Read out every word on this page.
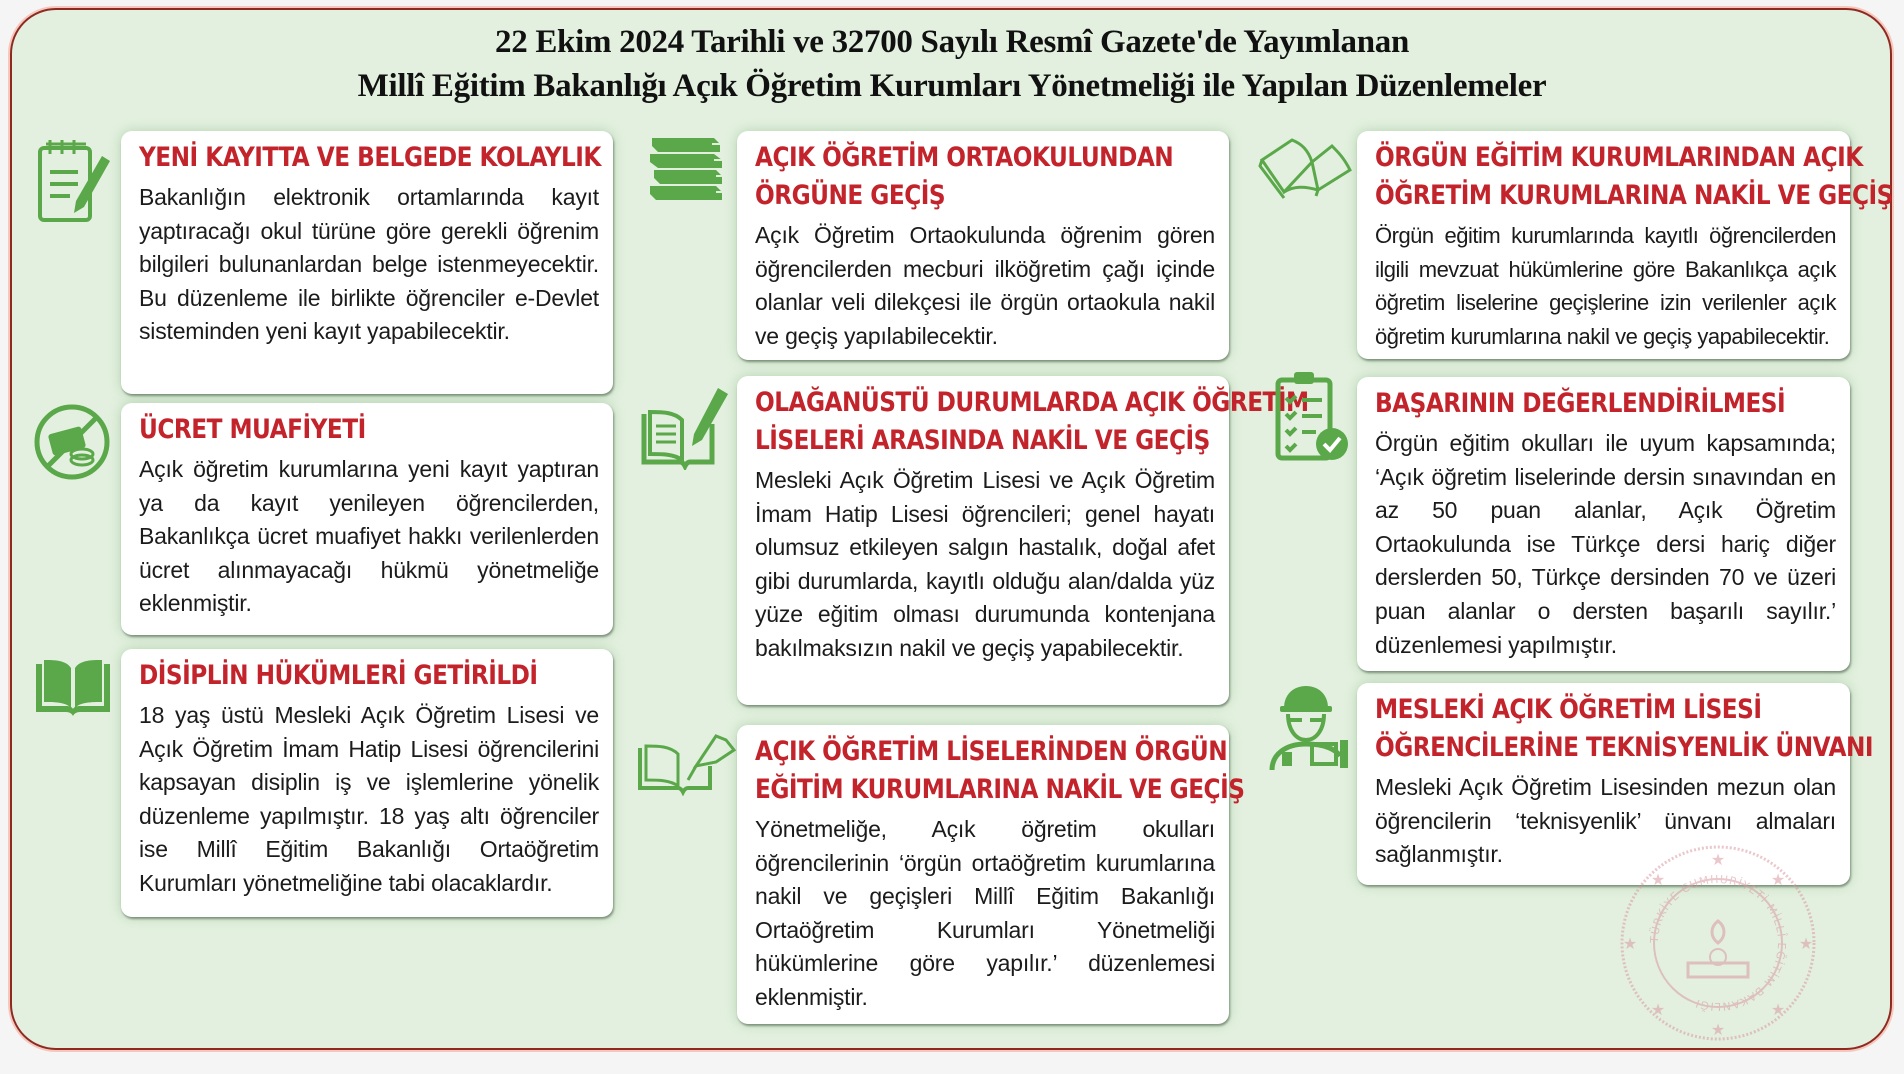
22 Ekim 2024 Tarihli ve 32700 Sayılı Resmî Gazete'de Yayımlanan
Millî Eğitim Bakanlığı Açık Öğretim Kurumları Yönetmeliği ile Yapılan Düzenlemeler
YENİ KAYITTA VE BELGEDE KOLAYLIK

Bakanlığın elektronik ortamlarında kayıt yaptıracağı okul türüne göre gerekli öğrenim bilgileri bulunanlardan belge istenmeyecektir. Bu düzenleme ile birlikte öğrenciler e-Devlet sisteminden yeni kayıt yapabilecektir.

ÜCRET MUAFİYETİ

Açık öğretim kurumlarına yeni kayıt yaptıran ya da kayıt yenileyen öğrencilerden, Bakanlıkça ücret muafiyet hakkı verilenlerden ücret alınmayacağı hükmü yönetmeliğe eklenmiştir.

DİSİPLİN HÜKÜMLERİ GETİRİLDİ

18 yaş üstü Mesleki Açık Öğretim Lisesi ve Açık Öğretim İmam Hatip Lisesi öğrencilerini kapsayan disiplin iş ve işlemlerine yönelik düzenleme yapılmıştır. 18 yaş altı öğrenciler ise Millî Eğitim Bakanlığı Ortaöğretim Kurumları yönetmeliğine tabi olacaklardır.

AÇIK ÖĞRETİM ORTAOKULUNDAN
ÖRGÜNE GEÇİŞ

Açık Öğretim Ortaokulunda öğrenim gören öğrencilerden mecburi ilköğretim çağı içinde olanlar veli dilekçesi ile örgün ortaokula nakil ve geçiş yapılabilecektir.

OLAĞANÜSTÜ DURUMLARDA AÇIK ÖĞRETİM
LİSELERİ ARASINDA NAKİL VE GEÇİŞ

Mesleki Açık Öğretim Lisesi ve Açık Öğretim İmam Hatip Lisesi öğrencileri; genel hayatı olumsuz etkileyen salgın hastalık, doğal afet gibi durumlarda, kayıtlı olduğu alan/dalda yüz yüze eğitim olması durumunda kontenjana bakılmaksızın nakil ve geçiş yapabilecektir.

AÇIK ÖĞRETİM LİSELERİNDEN ÖRGÜN
EĞİTİM KURUMLARINA NAKİL VE GEÇİŞ

Yönetmeliğe, Açık öğretim okulları öğrencilerinin ‘örgün ortaöğretim kurumlarına nakil ve geçişleri Millî Eğitim Bakanlığı Ortaöğretim Kurumları Yönetmeliği hükümlerine göre yapılır.’ düzenlemesi eklenmiştir.

ÖRGÜN EĞİTİM KURUMLARINDAN AÇIK
ÖĞRETİM KURUMLARINA NAKİL VE GEÇİŞ

Örgün eğitim kurumlarında kayıtlı öğrencilerden ilgili mevzuat hükümlerine göre Bakanlıkça açık öğretim liselerine geçişlerine izin verilenler açık öğretim kurumlarına nakil ve geçiş yapabilecektir.

BAŞARININ DEĞERLENDİRİLMESİ

Örgün eğitim okulları ile uyum kapsamında; ‘Açık öğretim liselerinde dersin sınavından en az 50 puan alanlar, Açık Öğretim Ortaokulunda ise Türkçe dersi hariç diğer derslerden 50, Türkçe dersinden 70 ve üzeri puan alanlar o dersten başarılı sayılır.’ düzenlemesi yapılmıştır.

MESLEKİ AÇIK ÖĞRETİM LİSESİ
ÖĞRENCİLERİNE TEKNİSYENLİK ÜNVANI

Mesleki Açık Öğretim Lisesinden mezun olan öğrencilerin ‘teknisyenlik’ ünvanı almaları sağlanmıştır.	★
★
★	★
★	★
★	★
TÜRKİYE CUMHURİYETİ MİLLÎ EĞİTİM BAKANLIĞI
